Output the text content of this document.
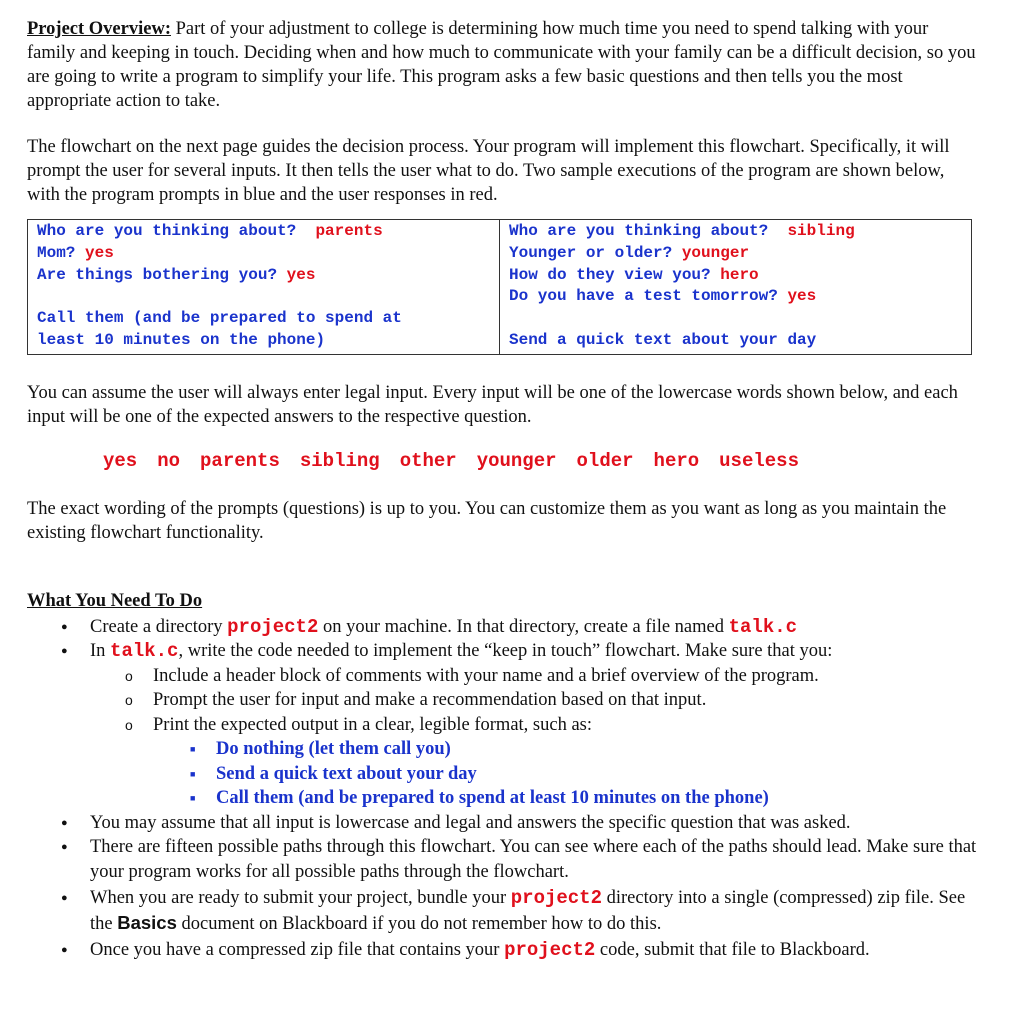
Project Overview: Part of your adjustment to college is determining how much time you need to spend talking with your family and keeping in touch. Deciding when and how much to communicate with your family can be a difficult decision, so you are going to write a program to simplify your life. This program asks a few basic questions and then tells you the most appropriate action to take.

The flowchart on the next page guides the decision process. Your program will implement this flowchart. Specifically, it will prompt the user for several inputs. It then tells the user what to do. Two sample executions of the program are shown below, with the program prompts in blue and the user responses in red.

Who are you thinking about?  parents
Mom? yes
Are things bothering you? yes
Call them (and be prepared to spend at
least 10 minutes on the phone)

Who are you thinking about?  sibling
Younger or older? younger
How do they view you? hero
Do you have a test tomorrow? yes
Send a quick text about your day

You can assume the user will always enter legal input. Every input will be one of the lowercase words shown below, and each input will be one of the expected answers to the respective question.

yes no parents sibling other younger older hero useless

The exact wording of the prompts (questions) is up to you. You can customize them as you want as long as you maintain the existing flowchart functionality.

What You Need To Do

● Create a directory project2 on your machine. In that directory, create a file named talk.c
● In talk.c, write the code needed to implement the “keep in touch” flowchart. Make sure that you:
o Include a header block of comments with your name and a brief overview of the program.
o Prompt the user for input and make a recommendation based on that input.
o Print the expected output in a clear, legible format, such as:
■ Do nothing (let them call you)
■ Send a quick text about your day
■ Call them (and be prepared to spend at least 10 minutes on the phone)
● You may assume that all input is lowercase and legal and answers the specific question that was asked.
● There are fifteen possible paths through this flowchart. You can see where each of the paths should lead. Make sure that your program works for all possible paths through the flowchart.
● When you are ready to submit your project, bundle your project2 directory into a single (compressed) zip file. See the Basics document on Blackboard if you do not remember how to do this.
● Once you have a compressed zip file that contains your project2 code, submit that file to Blackboard.
